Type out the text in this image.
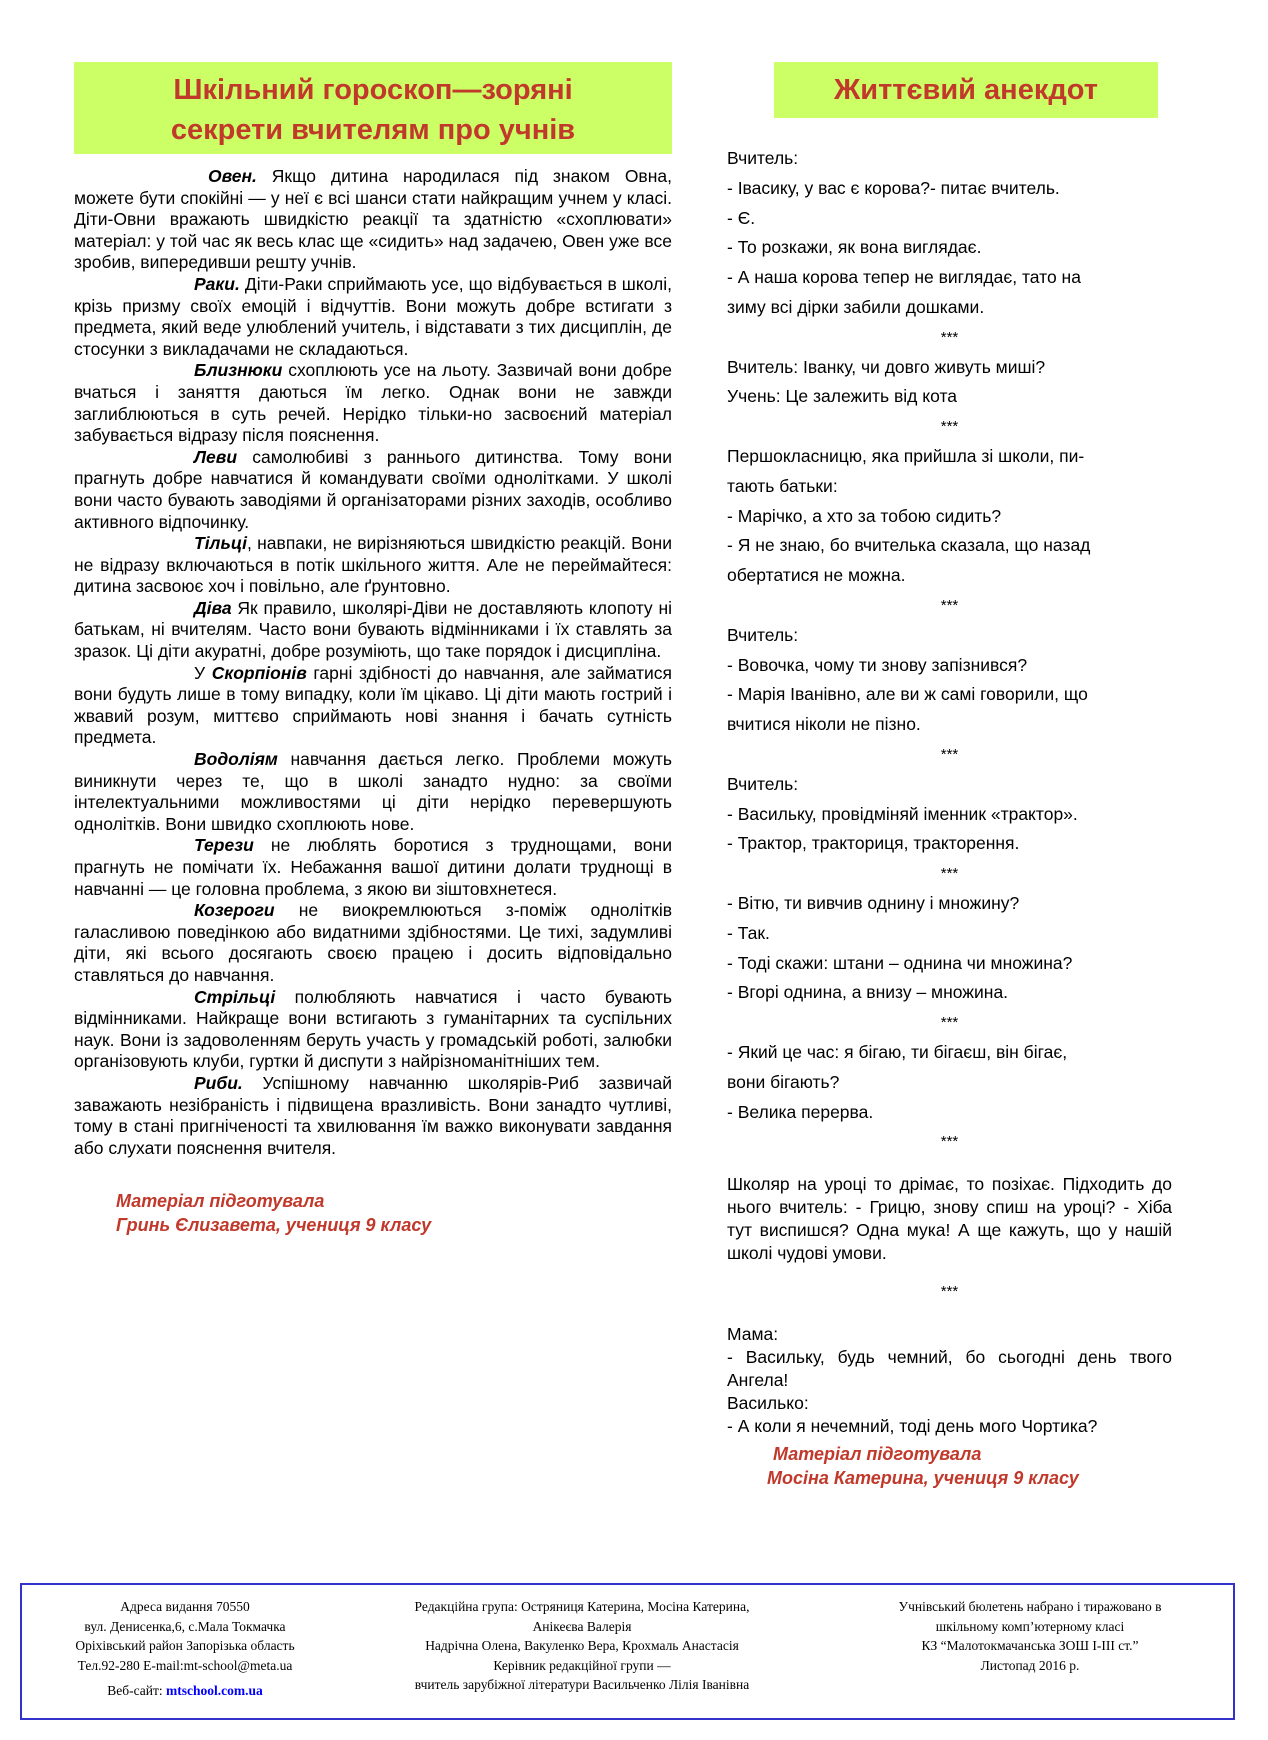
Шкільний гороскоп—зоряні
секрети вчителям про учнів

Овен. Якщо дитина народилася під знаком Овна, можете бути спокійні — у неї є всі шанси стати найкращим учнем у класі. Діти-Овни вражають швидкістю реакції та здатністю «схоплювати» матеріал: у той час як весь клас ще «сидить» над задачею, Овен уже все зробив, випередивши решту учнів.

Раки. Діти-Раки сприймають усе, що відбувається в школі, крізь призму своїх емоцій і відчуттів. Вони можуть добре встигати з предмета, який веде улюблений учитель, і відставати з тих дисциплін, де стосунки з викладачами не складаються.

Близнюки схоплюють усе на льоту. Зазвичай вони добре вчаться і заняття даються їм легко. Однак вони не завжди заглиблюються в суть речей. Нерідко тільки-но засвоєний матеріал забувається відразу після пояснення.

Леви самолюбиві з раннього дитинства. Тому вони прагнуть добре навчатися й командувати своїми однолітками. У школі вони часто бувають заводіями й організаторами різних заходів, особливо активного відпочинку.

Тільці, навпаки, не вирізняються швидкістю реакцій. Вони не відразу включаються в потік шкільного життя. Але не переймайтеся: дитина засвоює хоч і повільно, але ґрунтовно.

Діва Як правило, школярі-Діви не доставляють клопоту ні батькам, ні вчителям. Часто вони бувають відмінниками і їх ставлять за зразок. Ці діти акуратні, добре розуміють, що таке порядок і дисципліна.

У Скорпіонів гарні здібності до навчання, але займатися вони будуть лише в тому випадку, коли їм цікаво. Ці діти мають гострий і жвавий розум, миттєво сприймають нові знання і бачать сутність предмета.

Водоліям навчання дається легко. Проблеми можуть виникнути через те, що в школі занадто нудно: за своїми інтелектуальними можливостями ці діти нерідко перевершують однолітків. Вони швидко схоплюють нове.

Терези не люблять боротися з труднощами, вони прагнуть не помічати їх. Небажання вашої дитини долати труднощі в навчанні — це головна проблема, з якою ви зіштовхнетеся.

Козероги не виокремлюються з-поміж однолітків галасливою поведінкою або видатними здібностями. Це тихі, задумливі діти, які всього досягають своєю працею і досить відповідально ставляться до навчання.

Стрільці полюбляють навчатися і часто бувають відмінниками. Найкраще вони встигають з гуманітарних та суспільних наук. Вони із задоволенням беруть участь у громадській роботі, залюбки організовують клуби, гуртки й диспути з найрізноманітніших тем.

Риби. Успішному навчанню школярів-Риб зазвичай заважають незібраність і підвищена вразливість. Вони занадто чутливі, тому в стані пригніченості та хвилювання їм важко виконувати завдання або слухати пояснення вчителя.

Матеріал підготувала
Гринь Єлизавета, учениця 9 класу
Життєвий анекдот

Вчитель:

- Івасику, у вас є корова?- питає вчитель.

- Є.

- То розкажи, як вона виглядає.

- А наша корова тепер не виглядає, тато на

зиму всі дірки забили дошками.

***

Вчитель: Іванку, чи довго живуть миші?

Учень: Це залежить від кота

***

Першокласницю, яка прийшла зі школи, пи-

тають батьки:

- Марічко, а хто за тобою сидить?

- Я не знаю, бо вчителька сказала, що назад

обертатися не можна.

***

Вчитель:

- Вовочка, чому ти знову запізнився?

- Марія Іванівно, але ви ж самі говорили, що

вчитися ніколи не пізно.

***

Вчитель:

- Васильку, провідміняй іменник «трактор».

- Трактор, тракториця, тракторення.

***

- Вітю, ти вивчив однину і множину?

- Так.

- Тоді скажи: штани – однина чи множина?

- Вгорі однина, а внизу – множина.

***

- Який це час: я бігаю, ти бігаєш, він бігає,

вони бігають?

- Велика перерва.

***

Школяр на уроці то дрімає, то позіхає. Підходить до нього вчитель: - Грицю, знову спиш на уроці? - Хіба тут виспишся? Одна мука! А ще кажуть, що у нашій школі чудові умови.

***

Мама:

- Васильку, будь чемний, бо сьогодні день твого Ангела!

Василько:

- А коли я нечемний, тоді день мого Чортика?

Матеріал підготувала
Мосіна Катерина, учениця 9 класу
Адреса видання 70550
вул. Денисенка,6, с.Мала Токмачка
Оріхівський район Запорізька область
Тел.92-280 E-mail:mt-school@meta.ua
Веб-сайт: mtschool.com.ua
Редакційна група: Остряниця Катерина, Мосіна Катерина,
Анікеєва Валерія
Надрічна Олена, Вакуленко Вера, Крохмаль Анастасія
Керівник редакційної групи —
вчитель зарубіжної літератури Васильченко Лілія Іванівна
Учнівський бюлетень набрано і тиражовано в
шкільному комп’ютерному класі
КЗ “Малотокмачанська ЗОШ І-ІІІ ст.”
Листопад 2016 р.
